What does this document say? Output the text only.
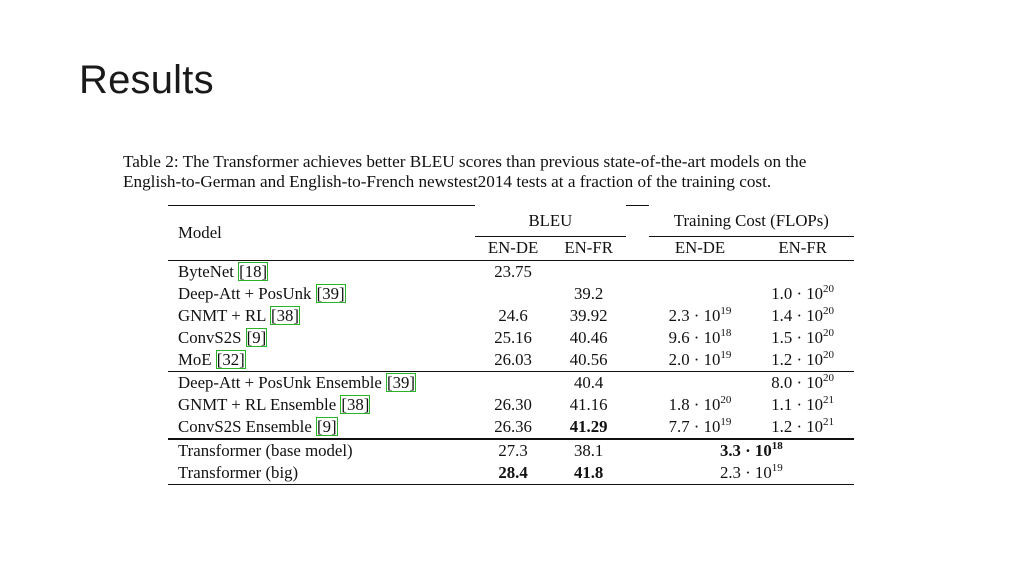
Results
Table 2: The Transformer achieves better BLEU scores than previous state-of-the-art models on the
English-to-German and English-to-French newstest2014 tests at a fraction of the training cost.
Model	BLEU			Training Cost (FLOPs)	
	EN-DE	EN-FR		EN-DE	EN-FR
ByteNet [18]	23.75				
Deep-Att + PosUnk [39]		39.2			$1.0 \cdot 10^{20}$
GNMT + RL [38]	24.6	39.92		$2.3 \cdot 10^{19}$	$1.4 \cdot 10^{20}$
ConvS2S [9]	25.16	40.46		$9.6 \cdot 10^{18}$	$1.5 \cdot 10^{20}$
MoE [32]	26.03	40.56		$2.0 \cdot 10^{19}$	$1.2 \cdot 10^{20}$
Deep-Att + PosUnk Ensemble [39]		40.4			$8.0 \cdot 10^{20}$
GNMT + RL Ensemble [38]	26.30	41.16		$1.8 \cdot 10^{20}$	$1.1 \cdot 10^{21}$
ConvS2S Ensemble [9]	26.36	41.29		$7.7 \cdot 10^{19}$	$1.2 \cdot 10^{21}$
Transformer (base model)	27.3	38.1		$3.3 \cdot 10^{18}$
Transformer (big)	28.4	41.8		$2.3 \cdot 10^{19}$
